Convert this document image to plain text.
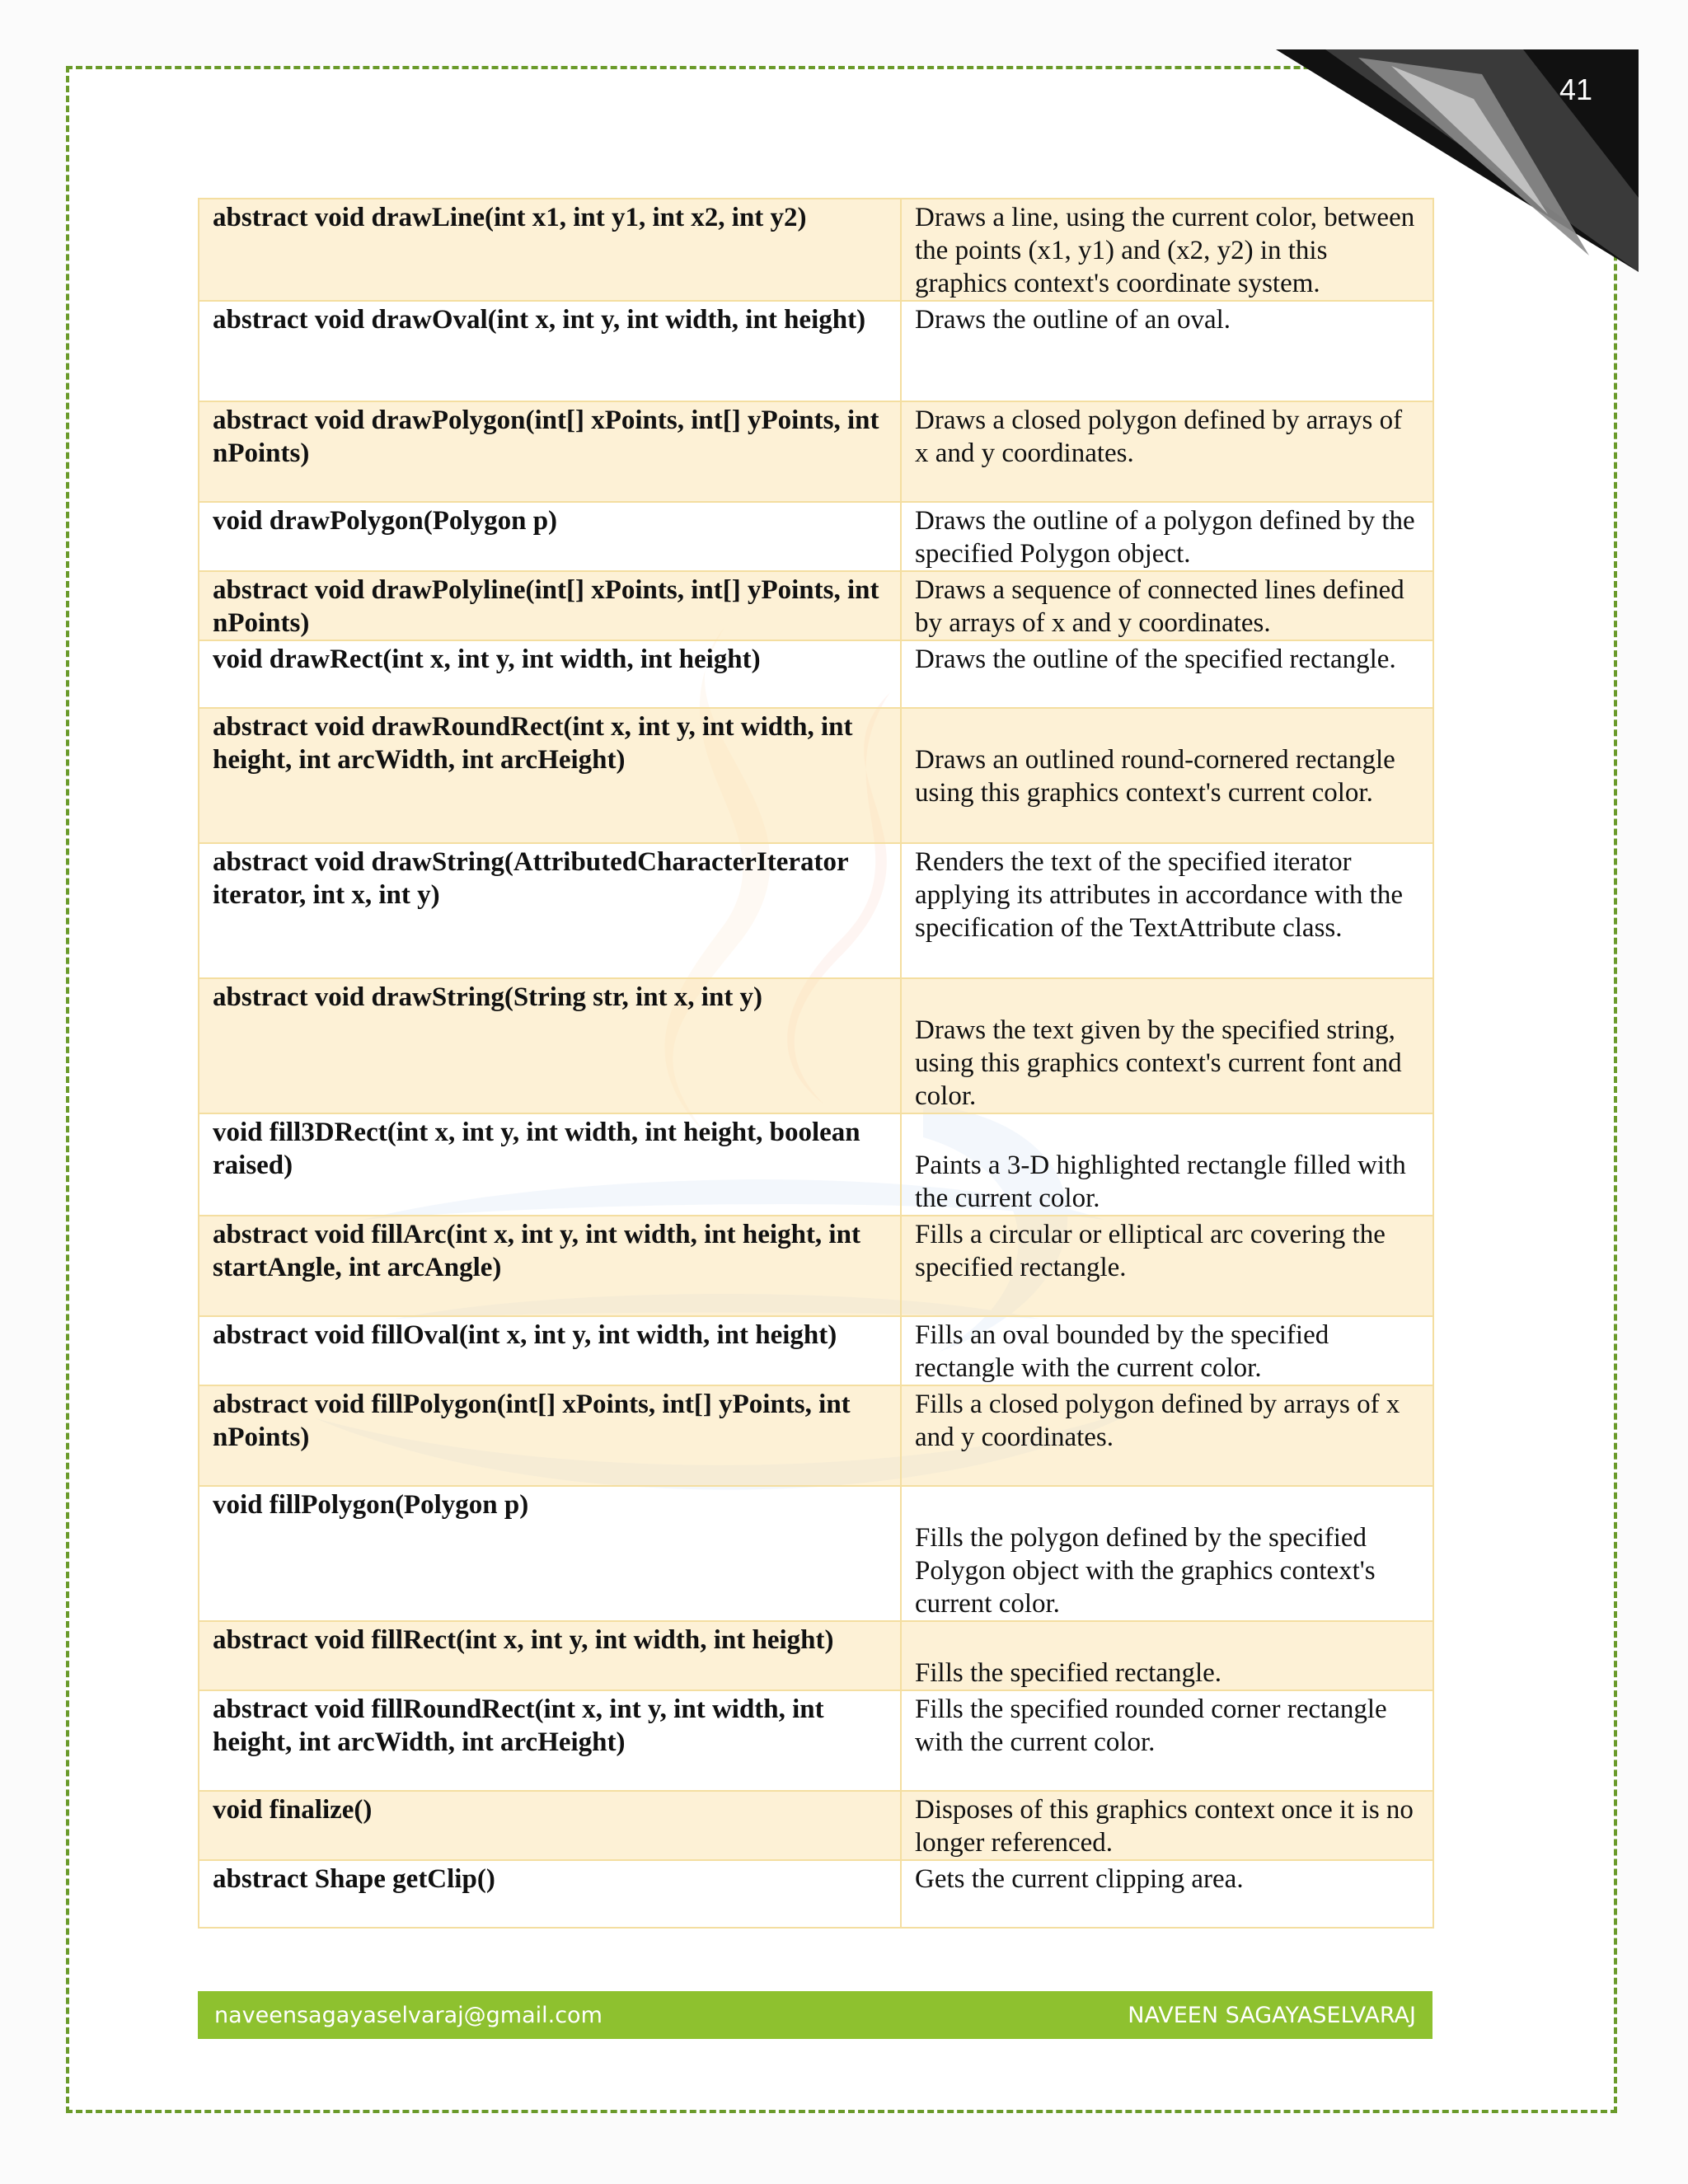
41
abstract void drawLine(int x1, int y1, int x2, int y2)	Draws a line, using the current color, between the points (x1, y1) and (x2, y2) in this graphics context's coordinate system.
abstract void drawOval(int x, int y, int width, int height)	Draws the outline of an oval.
abstract void drawPolygon(int[] xPoints, int[] yPoints, int nPoints)	Draws a closed polygon defined by arrays of x and y coordinates.
void drawPolygon(Polygon p)	Draws the outline of a polygon defined by the specified Polygon object.
abstract void drawPolyline(int[] xPoints, int[] yPoints, int nPoints)	Draws a sequence of connected lines defined by arrays of x and y coordinates.
void drawRect(int x, int y, int width, int height)	Draws the outline of the specified rectangle.
abstract void drawRoundRect(int x, int y, int width, int height, int arcWidth, int arcHeight)	Draws an outlined round-cornered rectangle using this graphics context's current color.
abstract void drawString(AttributedCharacterIterator iterator, int x, int y)	Renders the text of the specified iterator applying its attributes in accordance with the specification of the TextAttribute class.
abstract void drawString(String str, int x, int y)	Draws the text given by the specified string, using this graphics context's current font and color.
void fill3DRect(int x, int y, int width, int height, boolean raised)	Paints a 3-D highlighted rectangle filled with the current color.
abstract void fillArc(int x, int y, int width, int height, int startAngle, int arcAngle)	Fills a circular or elliptical arc covering the specified rectangle.
abstract void fillOval(int x, int y, int width, int height)	Fills an oval bounded by the specified rectangle with the current color.
abstract void fillPolygon(int[] xPoints, int[] yPoints, int nPoints)	Fills a closed polygon defined by arrays of x and y coordinates.
void fillPolygon(Polygon p)	Fills the polygon defined by the specified Polygon object with the graphics context's current color.
abstract void fillRect(int x, int y, int width, int height)	Fills the specified rectangle.
abstract void fillRoundRect(int x, int y, int width, int height, int arcWidth, int arcHeight)	Fills the specified rounded corner rectangle with the current color.
void finalize()	Disposes of this graphics context once it is no longer referenced.
abstract Shape getClip()	Gets the current clipping area.
naveensagayaselvaraj@gmail.com	NAVEEN SAGAYASELVARAJ
